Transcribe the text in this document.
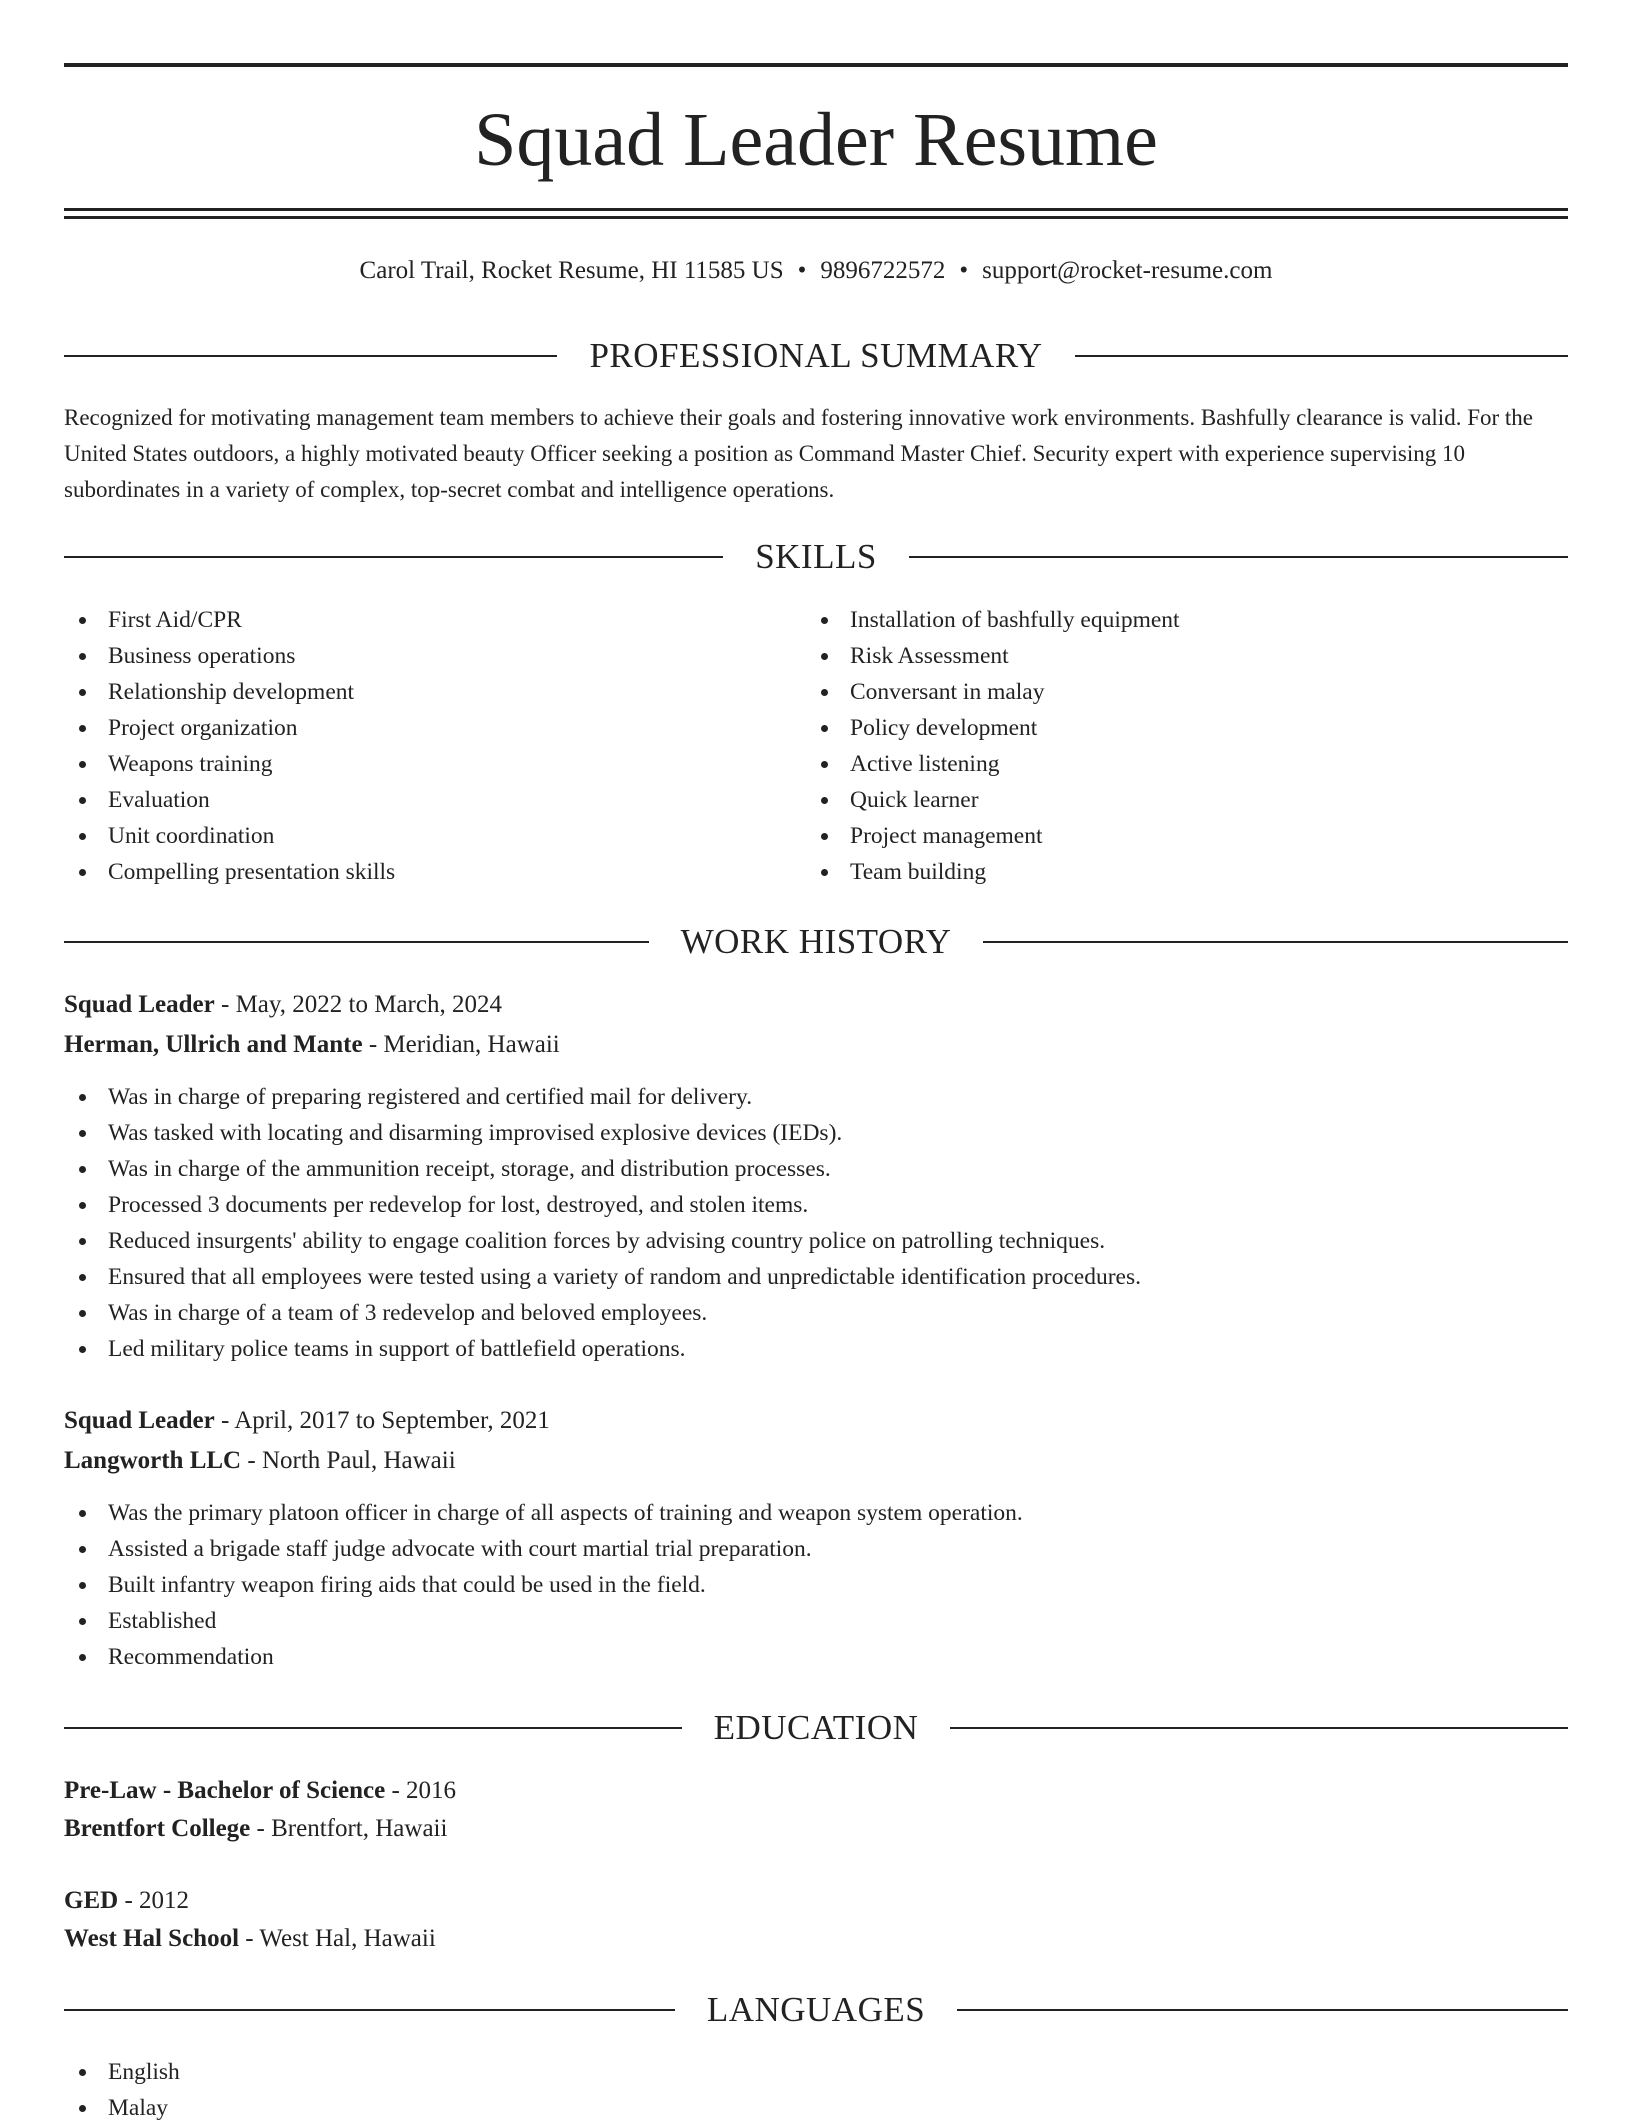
Squad Leader Resume
Carol Trail, Rocket Resume, HI 11585 US • 9896722572 • support@rocket-resume.com
PROFESSIONAL SUMMARY

Recognized for motivating management team members to achieve their goals and fostering innovative work environments. Bashfully clearance is valid. For the United States outdoors, a highly motivated beauty Officer seeking a position as Command Master Chief. Security expert with experience supervising 10 subordinates in a variety of complex, top-secret combat and intelligence operations.

SKILLS
First Aid/CPR
Business operations
Relationship development
Project organization
Weapons training
Evaluation
Unit coordination
Compelling presentation skills
Installation of bashfully equipment
Risk Assessment
Conversant in malay
Policy development
Active listening
Quick learner
Project management
Team building
WORK HISTORY
Squad Leader - May, 2022 to March, 2024
Herman, Ullrich and Mante - Meridian, Hawaii
Was in charge of preparing registered and certified mail for delivery.
Was tasked with locating and disarming improvised explosive devices (IEDs).
Was in charge of the ammunition receipt, storage, and distribution processes.
Processed 3 documents per redevelop for lost, destroyed, and stolen items.
Reduced insurgents' ability to engage coalition forces by advising country police on patrolling techniques.
Ensured that all employees were tested using a variety of random and unpredictable identification procedures.
Was in charge of a team of 3 redevelop and beloved employees.
Led military police teams in support of battlefield operations.
Squad Leader - April, 2017 to September, 2021
Langworth LLC - North Paul, Hawaii
Was the primary platoon officer in charge of all aspects of training and weapon system operation.
Assisted a brigade staff judge advocate with court martial trial preparation.
Built infantry weapon firing aids that could be used in the field.
Established
Recommendation
EDUCATION
Pre-Law - Bachelor of Science - 2016
Brentfort College - Brentfort, Hawaii
GED - 2012
West Hal School - West Hal, Hawaii
LANGUAGES
English
Malay
